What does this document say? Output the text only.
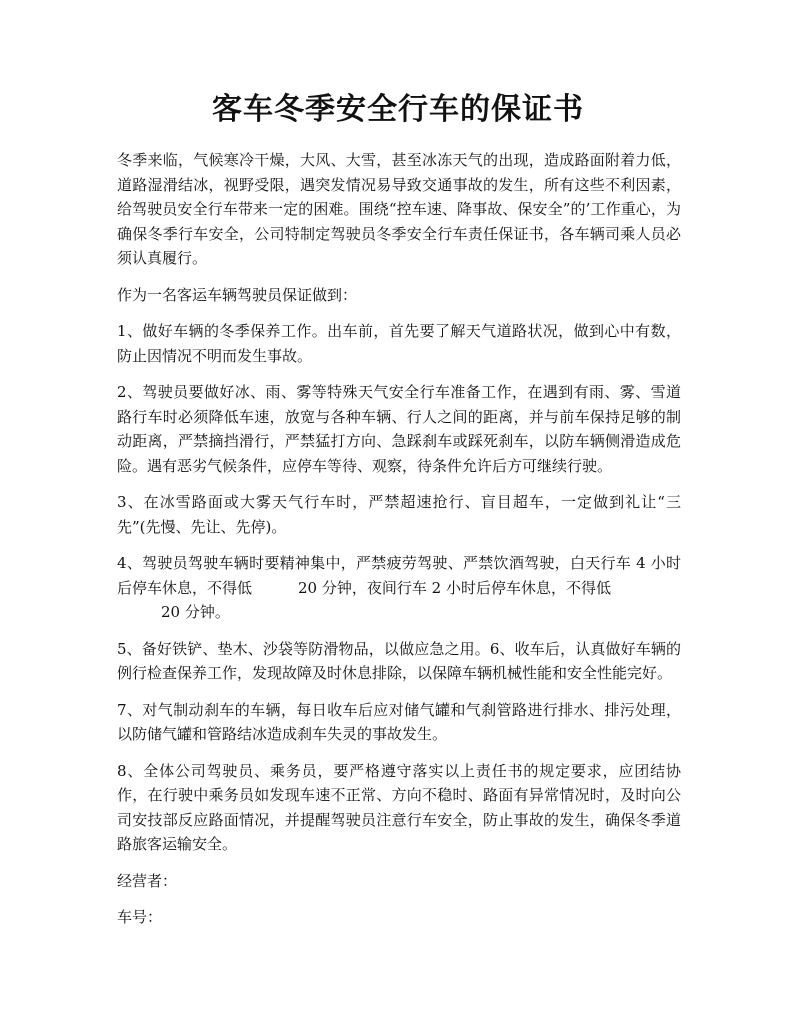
客车冬季安全行车的保证书

冬季来临，气候寒冷干燥，大风、大雪，甚至冰冻天气的出现，造成路面附着力低，道路湿滑结冰，视野受限，遇突发情况易导致交通事故的发生，所有这些不利因素，给驾驶员安全行车带来一定的困难。围绕“控车速、降事故、保安全”的’工作重心，为确保冬季行车安全，公司特制定驾驶员冬季安全行车责任保证书，各车辆司乘人员必须认真履行。

作为一名客运车辆驾驶员保证做到：

1、做好车辆的冬季保养工作。出车前，首先要了解天气道路状况，做到心中有数，防止因情况不明而发生事故。

2、驾驶员要做好冰、雨、雾等特殊天气安全行车准备工作，在遇到有雨、雾、雪道路行车时必须降低车速，放宽与各种车辆、行人之间的距离，并与前车保持足够的制动距离，严禁摘挡滑行，严禁猛打方向、急踩刹车或踩死刹车，以防车辆侧滑造成危险。遇有恶劣气候条件，应停车等待、观察，待条件允许后方可继续行驶。

3、在冰雪路面或大雾天气行车时，严禁超速抢行、盲目超车，一定做到礼让“三先”(先慢、先让、先停)。

4、驾驶员驾驶车辆时要精神集中，严禁疲劳驾驶、严禁饮酒驾驶，白天行车 4 小时后停车休息，不得低	20 分钟，夜间行车 2 小时后停车休息，不得低
20 分钟。

5、备好铁铲、垫木、沙袋等防滑物品，以做应急之用。6、收车后，认真做好车辆的例行检查保养工作，发现故障及时休息排除，以保障车辆机械性能和安全性能完好。

7、对气制动刹车的车辆，每日收车后应对储气罐和气刹管路进行排水、排污处理，以防储气罐和管路结冰造成刹车失灵的事故发生。

8、全体公司驾驶员、乘务员，要严格遵守落实以上责任书的规定要求，应团结协作，在行驶中乘务员如发现车速不正常、方向不稳时、路面有异常情况时，及时向公司安技部反应路面情况，并提醒驾驶员注意行车安全，防止事故的发生，确保冬季道路旅客运输安全。

经营者：

车号：
